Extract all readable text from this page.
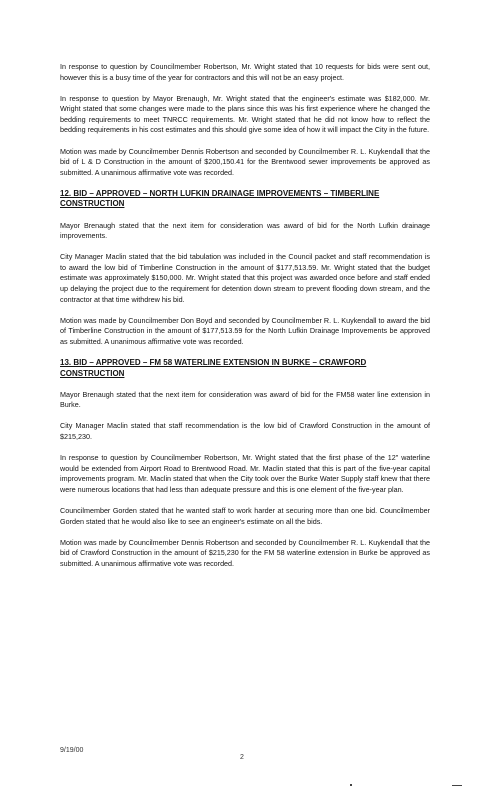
In response to question by Councilmember Robertson, Mr. Wright stated that 10 requests for bids were sent out, however this is a busy time of the year for contractors and this will not be an easy project.

In response to question by Mayor Brenaugh, Mr. Wright stated that the engineer's estimate was $182,000. Mr. Wright stated that some changes were made to the plans since this was his first experience where he changed the bedding requirements to meet TNRCC requirements. Mr. Wright stated that he did not know how to reflect the bedding requirements in his cost estimates and this should give some idea of how it will impact the City in the future.

Motion was made by Councilmember Dennis Robertson and seconded by Councilmember R. L. Kuykendall that the bid of L & D Construction in the amount of $200,150.41 for the Brentwood sewer improvements be approved as submitted. A unanimous affirmative vote was recorded.

12. BID – APPROVED – NORTH LUFKIN DRAINAGE IMPROVEMENTS – TIMBERLINE CONSTRUCTION

Mayor Brenaugh stated that the next item for consideration was award of bid for the North Lufkin drainage improvements.

City Manager Maclin stated that the bid tabulation was included in the Council packet and staff recommendation is to award the low bid of Timberline Construction in the amount of $177,513.59. Mr. Wright stated that the budget estimate was approximately $150,000. Mr. Wright stated that this project was awarded once before and staff ended up delaying the project due to the requirement for detention down stream to prevent flooding down stream, and the contractor at that time withdrew his bid.

Motion was made by Councilmember Don Boyd and seconded by Councilmember R. L. Kuykendall to award the bid of Timberline Construction in the amount of $177,513.59 for the North Lufkin Drainage Improvements be approved as submitted. A unanimous affirmative vote was recorded.

13. BID – APPROVED – FM 58 WATERLINE EXTENSION IN BURKE – CRAWFORD CONSTRUCTION

Mayor Brenaugh stated that the next item for consideration was award of bid for the FM58 water line extension in Burke.

City Manager Maclin stated that staff recommendation is the low bid of Crawford Construction in the amount of $215,230.

In response to question by Councilmember Robertson, Mr. Wright stated that the first phase of the 12" waterline would be extended from Airport Road to Brentwood Road. Mr. Maclin stated that this is part of the five-year capital improvements program. Mr. Maclin stated that when the City took over the Burke Water Supply staff knew that there were numerous locations that had less than adequate pressure and this is one element of the five-year plan.

Councilmember Gorden stated that he wanted staff to work harder at securing more than one bid. Councilmember Gorden stated that he would also like to see an engineer's estimate on all the bids.

Motion was made by Councilmember Dennis Robertson and seconded by Councilmember R. L. Kuykendall that the bid of Crawford Construction in the amount of $215,230 for the FM 58 waterline extension in Burke be approved as submitted. A unanimous affirmative vote was recorded.

9/19/00
2
